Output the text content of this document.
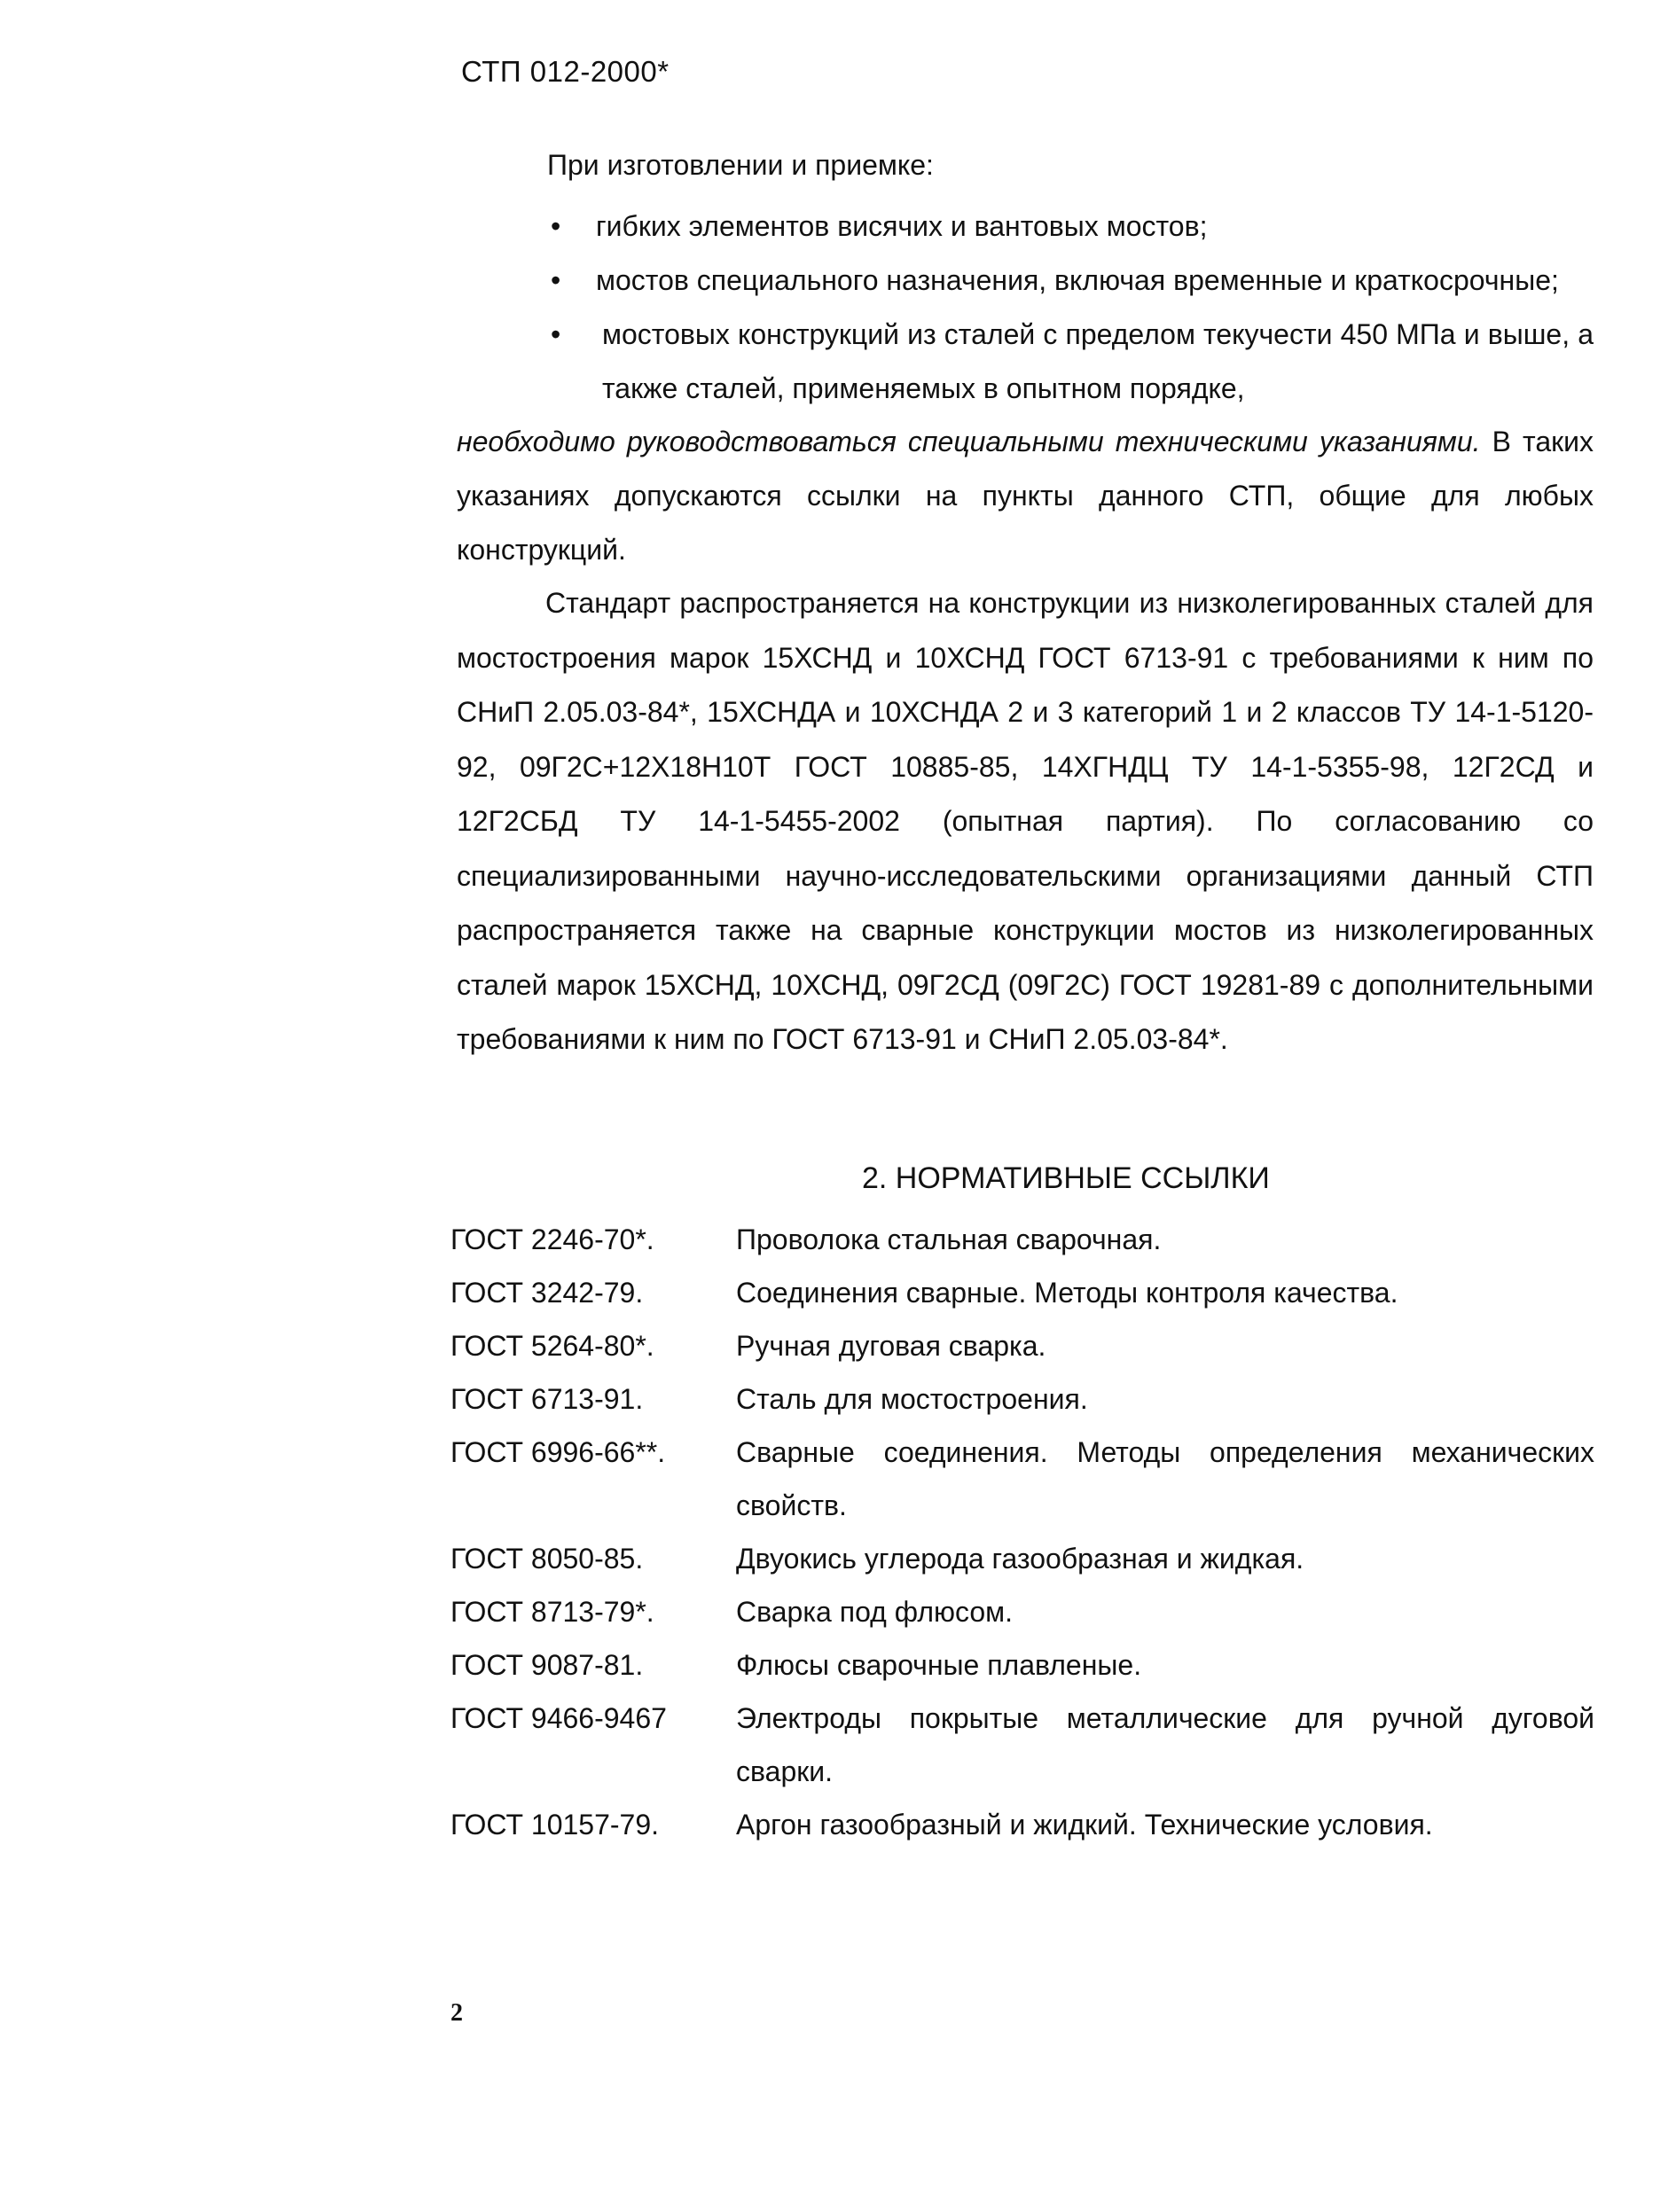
СТП 012-2000*
При изготовлении и приемке:
• гибких элементов висячих и вантовых мостов;
• мостов специального назначения, включая временные и краткосрочные;
• мостовых конструкций из сталей с пределом текучести 450 МПа и выше, а также сталей, применяемых в опытном порядке,

необходимо руководствоваться специальными техническими указаниями. В таких указаниях допускаются ссылки на пункты данного СТП, общие для любых конструкций.

Стандарт распространяется на конструкции из низколегированных сталей для мостостроения марок 15ХСНД и 10ХСНД ГОСТ 6713-91 с требованиями к ним по СНиП 2.05.03-84*, 15ХСНДА и 10ХСНДА 2 и 3 категорий 1 и 2 классов ТУ 14-1-5120-92, 09Г2С+12Х18Н10Т ГОСТ 10885-85, 14ХГНДЦ ТУ 14-1-5355-98, 12Г2СД и 12Г2СБД ТУ 14-1-5455-2002 (опытная партия). По согласованию со специализированными научно-исследовательскими организациями данный СТП распространяется также на сварные конструкции мостов из низколегированных сталей марок 15ХСНД, 10ХСНД, 09Г2СД (09Г2С) ГОСТ 19281-89 с дополнительными требованиями к ним по ГОСТ 6713-91 и СНиП 2.05.03-84*.

2. НОРМАТИВНЫЕ ССЫЛКИ
ГОСТ 2246-70*.	Проволока стальная сварочная.
ГОСТ 3242-79.	Соединения сварные. Методы контроля качества.
ГОСТ 5264-80*.	Ручная дуговая сварка.
ГОСТ 6713-91.	Сталь для мостостроения.
ГОСТ 6996-66**.	Сварные соединения. Методы определения механических свойств.
ГОСТ 8050-85.	Двуокись углерода газообразная и жидкая.
ГОСТ 8713-79*.	Сварка под флюсом.
ГОСТ 9087-81.	Флюсы сварочные плавленые.
ГОСТ 9466-9467	Электроды покрытые металлические для ручной дуговой сварки.
ГОСТ 10157-79.	Аргон газообразный и жидкий. Технические условия.
2
